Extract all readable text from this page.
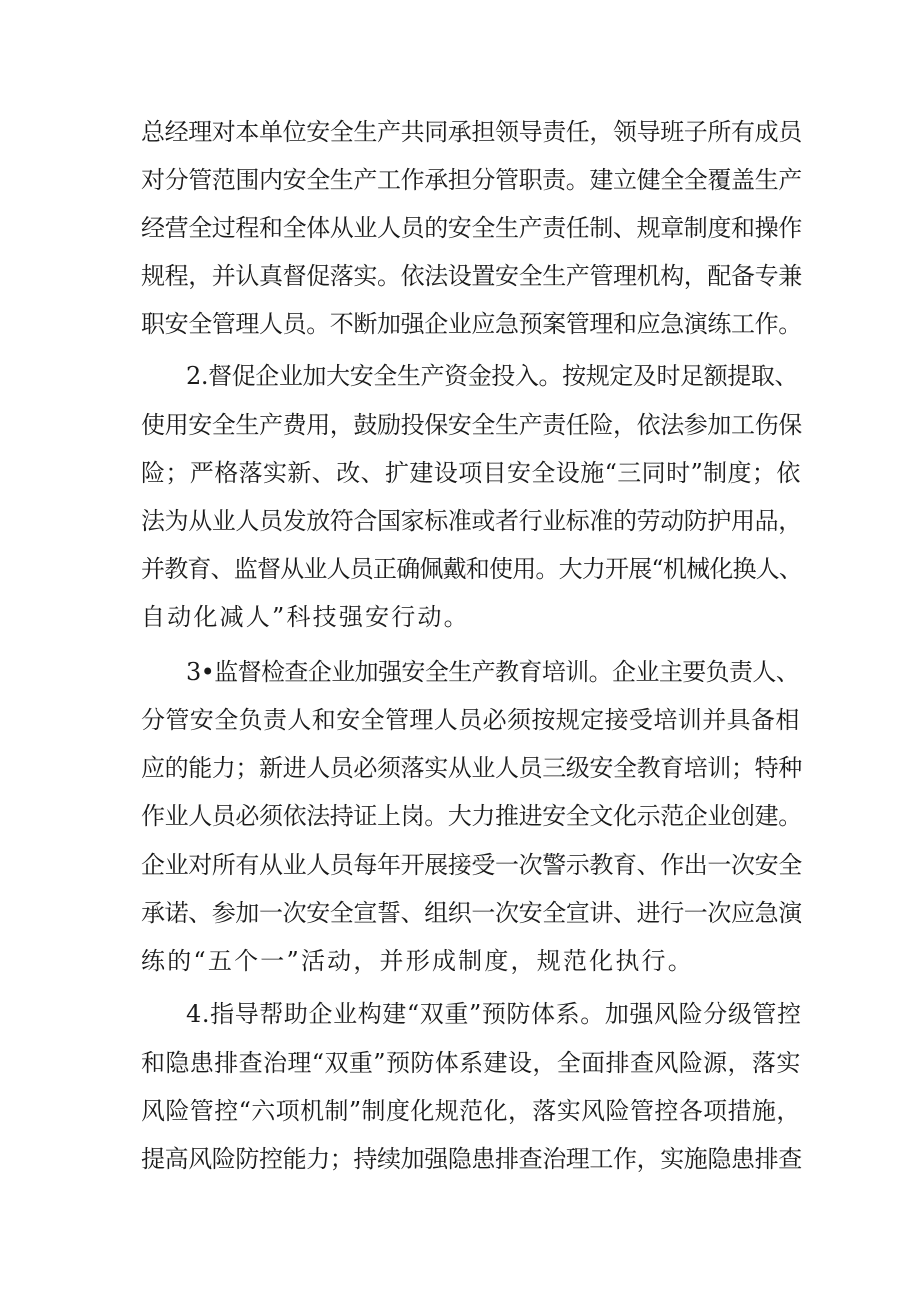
总经理对本单位安全生产共同承担领导责任，领导班子所有成员
对分管范围内安全生产工作承担分管职责。建立健全全覆盖生产
经营全过程和全体从业人员的安全生产责任制、规章制度和操作
规程，并认真督促落实。依法设置安全生产管理机构，配备专兼
职安全管理人员。不断加强企业应急预案管理和应急演练工作。
2.督促企业加大安全生产资金投入。按规定及时足额提取、
使用安全生产费用，鼓励投保安全生产责任险，依法参加工伤保
险；严格落实新、改、扩建设项目安全设施“三同时”制度；依
法为从业人员发放符合国家标准或者行业标准的劳动防护用品，
并教育、监督从业人员正确佩戴和使用。大力开展“机械化换人、
自动化减人”科技强安行动。
3•监督检查企业加强安全生产教育培训。企业主要负责人、
分管安全负责人和安全管理人员必须按规定接受培训并具备相
应的能力；新进人员必须落实从业人员三级安全教育培训；特种
作业人员必须依法持证上岗。大力推进安全文化示范企业创建。
企业对所有从业人员每年开展接受一次警示教育、作出一次安全
承诺、参加一次安全宣誓、组织一次安全宣讲、进行一次应急演
练的“五个一”活动，并形成制度，规范化执行。
4.指导帮助企业构建“双重”预防体系。加强风险分级管控
和隐患排查治理“双重”预防体系建设，全面排查风险源，落实
风险管控“六项机制”制度化规范化，落实风险管控各项措施，
提高风险防控能力；持续加强隐患排查治理工作，实施隐患排查
